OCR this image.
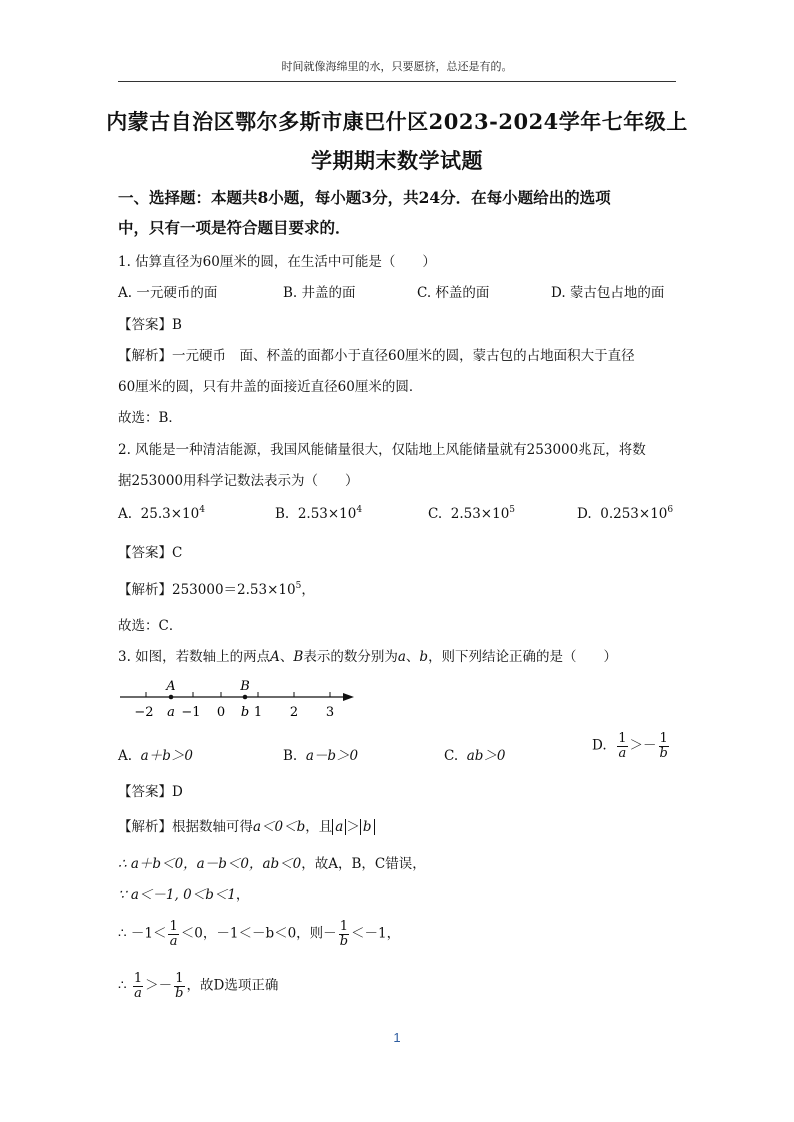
时间就像海绵里的水，只要愿挤，总还是有的。
内蒙古自治区鄂尔多斯市康巴什区2023-2024学年七年级上
学期期末数学试题
一、选择题：本题共8小题，每小题3分，共24分．在每小题给出的选项
中，只有一项是符合题目要求的．
1. 估算直径为60厘米的圆，在生活中可能是（　　）
A. 一元硬币的面	B. 井盖的面	C. 杯盖的面	D. 蒙古包占地的面
【答案】B
【解析】一元硬币　面、杯盖的面都小于直径60厘米的圆，蒙古包的占地面积大于直径
60厘米的圆，只有井盖的面接近直径60厘米的圆．
故选：B．
2. 风能是一种清洁能源，我国风能储量很大，仅陆地上风能储量就有253000兆瓦，将数
据253000用科学记数法表示为（　　）
A. $25.3\times 10^4$	B. $2.53\times 10^4$	C. $2.53\times 10^5$	D. $0.253\times 10^6$
【答案】C
【解析】$253000=2.53\times 10^5$，
故选：C．
3. 如图，若数轴上的两点A、B表示的数分别为a、b，则下列结论正确的是（　　）
A	B
−2 a −1 0 b 1 2 3
A. a＋b＞0	B. a－b＞0	C. ab＞0
D. $\frac{1}{a} >- \frac{1}{b}$
【答案】D
【解析】根据数轴可得a＜0＜b，且 a ＞ b
∴ a＋b＜0，a－b＜0，ab＜0，故A，B，C错误，
∵ a＜－1, 0＜b＜1，
∴ $-1< \frac{1}{a} <0$，－1＜－b＜0，则－ $\frac{1}{b} <-1$，
∴ $\frac{1}{a} >- \frac{1}{b}$ ，故D选项正确
1
